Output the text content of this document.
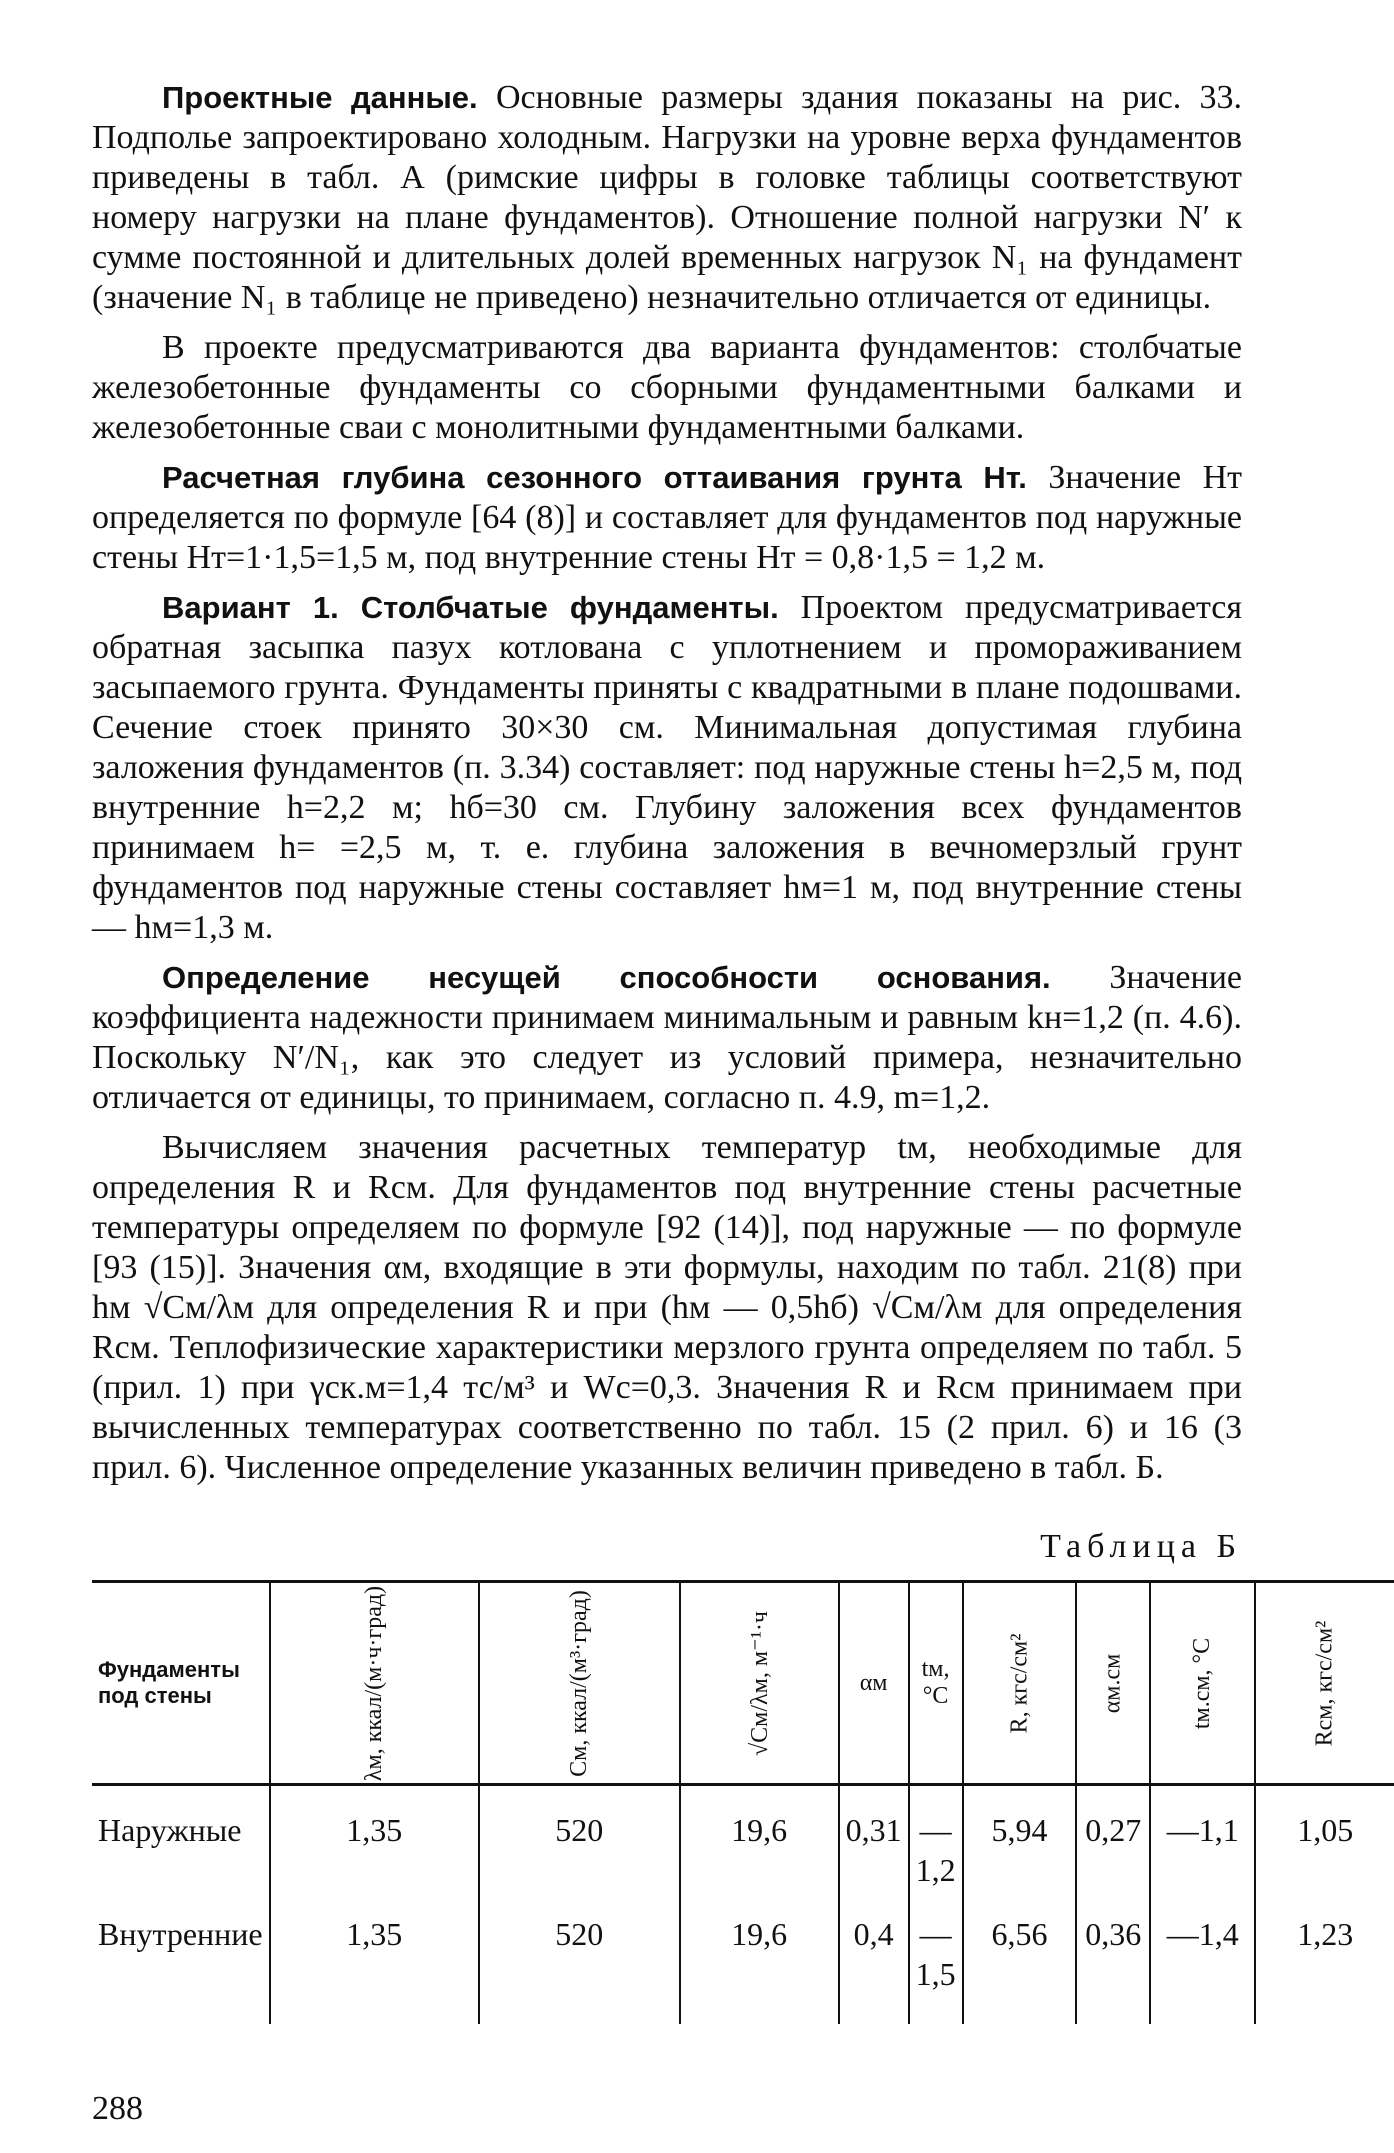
Проектные данные. Основные размеры здания показаны на рис. 33. Подполье запроектировано холодным. Нагрузки на уровне верха фундаментов приведены в табл. А (римские цифры в головке таблицы соответствуют номеру нагрузки на плане фундаментов). Отношение полной нагрузки N′ к сумме постоянной и длительных долей временных нагрузок N₁ на фундамент (значение N₁ в таблице не приведено) незначительно отличается от единицы.

В проекте предусматриваются два варианта фундаментов: столбчатые железобетонные фундаменты со сборными фундаментными балками и железобетонные сваи с монолитными фундаментными балками.

Расчетная глубина сезонного оттаивания грунта Hт. Значение Hт определяется по формуле [64 (8)] и составляет для фундаментов под наружные стены Hт=1·1,5=1,5 м, под внутренние стены Hт = 0,8·1,5 = 1,2 м.

Вариант 1. Столбчатые фундаменты. Проектом предусматривается обратная засыпка пазух котлована с уплотнением и промораживанием засыпаемого грунта. Фундаменты приняты с квадратными в плане подошвами. Сечение стоек принято 30×30 см. Минимальная допустимая глубина заложения фундаментов (п. 3.34) составляет: под наружные стены h=2,5 м, под внутренние h=2,2 м; hб=30 см. Глубину заложения всех фундаментов принимаем h= =2,5 м, т. е. глубина заложения в вечномерзлый грунт фундаментов под наружные стены составляет hм=1 м, под внутренние стены — hм=1,3 м.

Определение несущей способности основания. Значение коэффициента надежности принимаем минимальным и равным kн=1,2 (п. 4.6). Поскольку N′/N₁, как это следует из условий примера, незначительно отличается от единицы, то принимаем, согласно п. 4.9, m=1,2.

Вычисляем значения расчетных температур tм, необходимые для определения R и Rсм. Для фундаментов под внутренние стены расчетные температуры определяем по формуле [92 (14)], под наружные — по формуле [93 (15)]. Значения αм, входящие в эти формулы, находим по табл. 21(8) при hм √Cм/λм для определения R и при (hм — 0,5hб) √Cм/λм для определения Rсм. Теплофизические характеристики мерзлого грунта определяем по табл. 5 (прил. 1) при γск.м=1,4 тс/м³ и Wc=0,3. Значения R и Rсм принимаем при вычисленных температурах соответственно по табл. 15 (2 прил. 6) и 16 (3 прил. 6). Численное определение указанных величин приведено в табл. Б.

Таблица Б
Фундаменты под стены	λм, ккал/(м·ч·град)	Cм, ккал/(м³·град)	√Cм/λм, м⁻¹·ч	αм	tм, °C	R, кгс/см²	αм.см	tм.см, °C	Rсм, кгс/см²
Наружные	1,35	520	19,6	0,31	—1,2	5,94	0,27	—1,1	1,05
Внутренние	1,35	520	19,6	0,4	—1,5	6,56	0,36	—1,4	1,23
288
